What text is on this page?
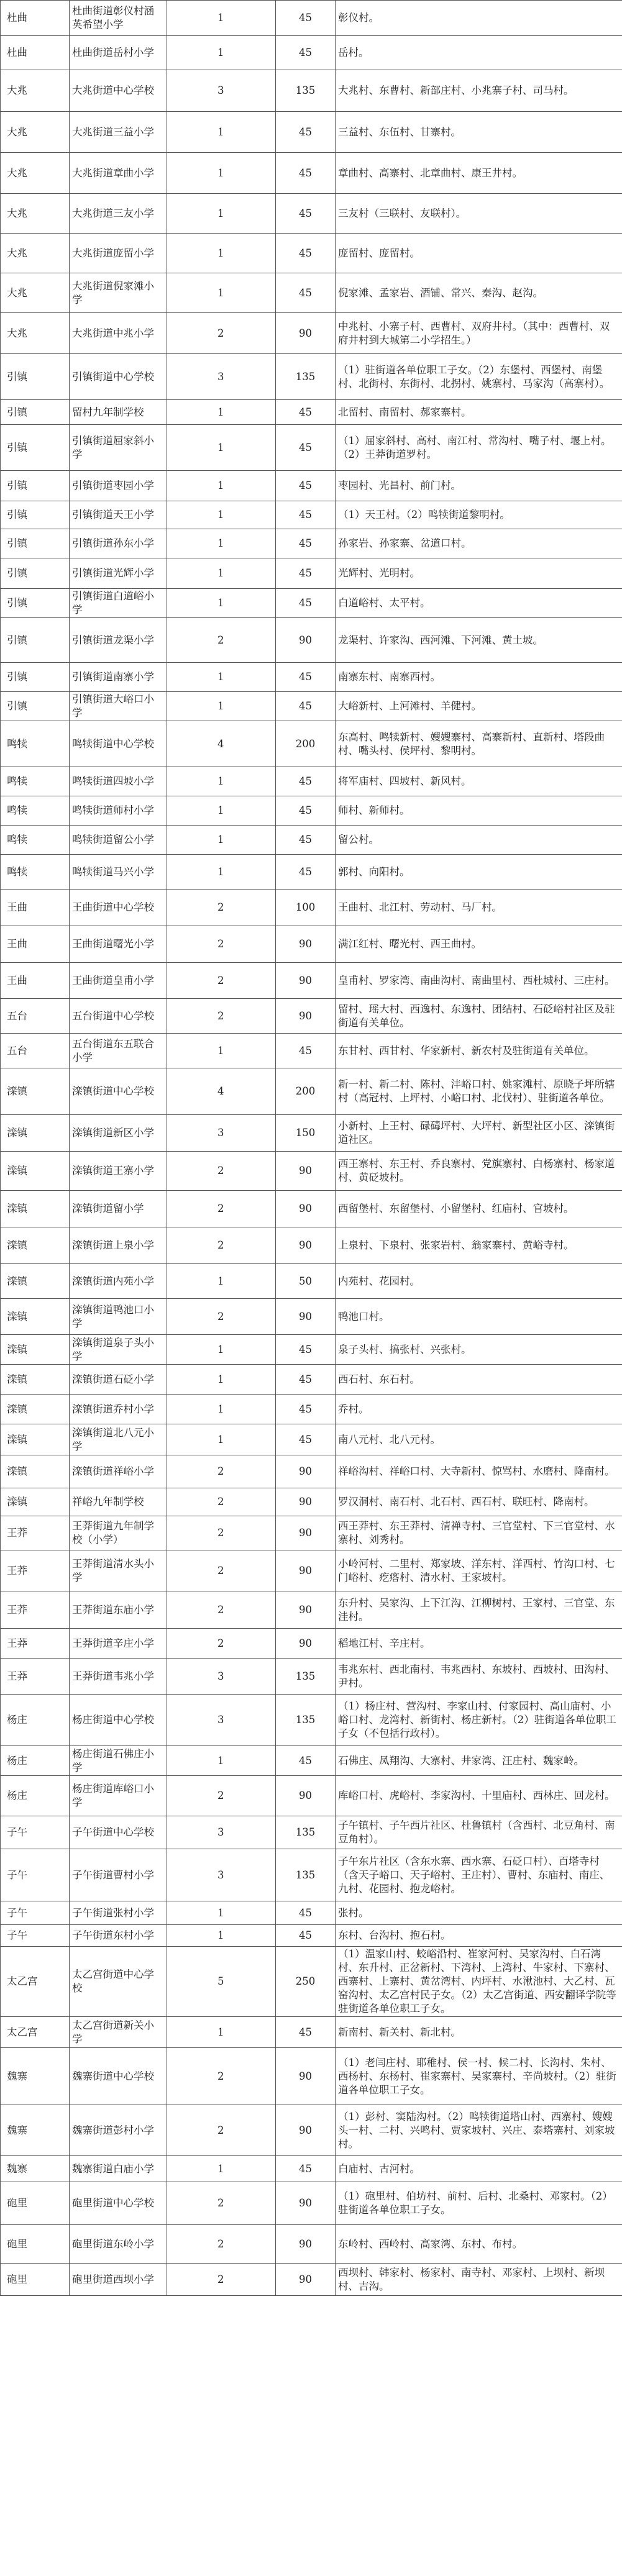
杜曲	杜曲街道彰仪村涵英希望小学	1		45	彰仪村。
杜曲	杜曲街道岳村小学	1		45	岳村。
大兆	大兆街道中心学校	3		135	大兆村、东曹村、新部庄村、小兆寨子村、司马村。
大兆	大兆街道三益小学	1		45	三益村、东伍村、甘寨村。
大兆	大兆街道章曲小学	1		45	章曲村、高寨村、北章曲村、康王井村。
大兆	大兆街道三友小学	1		45	三友村（三联村、友联村）。
大兆	大兆街道庞留小学	1		45	庞留村、庞留村。
大兆	大兆街道倪家滩小学	1		45	倪家滩、孟家岩、酒铺、常兴、秦沟、赵沟。
大兆	大兆街道中兆小学	2		90	中兆村、小寨子村、西曹村、双府井村。（其中：西曹村、双府井村到大城第二小学招生。）
引镇	引镇街道中心学校	3		135	（1）驻街道各单位职工子女。（2）东堡村、西堡村、南堡村、北街村、东街村、北拐村、姚寨村、马家沟（高寨村）。
引镇	留村九年制学校	1		45	北留村、南留村、郝家寨村。
引镇	引镇街道屈家斜小学	1		45	（1）屈家斜村、高村、南江村、常沟村、嘴子村、堰上村。（2）王莽街道罗村。
引镇	引镇街道枣园小学	1		45	枣园村、光昌村、前门村。
引镇	引镇街道天王小学	1		45	（1）天王村。（2）鸣犊街道黎明村。
引镇	引镇街道孙东小学	1		45	孙家岩、孙家寨、岔道口村。
引镇	引镇街道光辉小学	1		45	光辉村、光明村。
引镇	引镇街道白道峪小学	1		45	白道峪村、太平村。
引镇	引镇街道龙渠小学	2		90	龙渠村、许家沟、西河滩、下河滩、黄土坡。
引镇	引镇街道南寨小学	1		45	南寨东村、南寨西村。
引镇	引镇街道大峪口小学	1		45	大峪新村、上河滩村、羊健村。
鸣犊	鸣犊街道中心学校	4		200	东高村、鸣犊新村、嫂嫂寨村、高寨新村、直新村、塔段曲村、嘴头村、侯坪村、黎明村。
鸣犊	鸣犊街道四坡小学	1		45	将军庙村、四坡村、新风村。
鸣犊	鸣犊街道师村小学	1		45	师村、新师村。
鸣犊	鸣犊街道留公小学	1		45	留公村。
鸣犊	鸣犊街道马兴小学	1		45	郭村、向阳村。
王曲	王曲街道中心学校	2		100	王曲村、北江村、劳动村、马厂村。
王曲	王曲街道曙光小学	2		90	满江红村、曙光村、西王曲村。
王曲	王曲街道皇甫小学	2		90	皇甫村、罗家湾、南曲沟村、南曲里村、西杜城村、三庄村。
五台	五台街道中心学校	2		90	留村、瑶大村、西逸村、东逸村、团结村、石砭峪村社区及驻街道有关单位。
五台	五台街道东五联合小学	1		45	东甘村、西甘村、华家新村、新农村及驻街道有关单位。
滦镇	滦镇街道中心学校	4		200	新一村、新二村、陈村、沣峪口村、姚家滩村、原晓子坪所辖村（高冠村、上坪村、小峪口村、北伐村）、驻街道各单位。
滦镇	滦镇街道新区小学	3		150	小新村、上王村、碌碡坪村、大坪村、新型社区小区、滦镇街道社区。
滦镇	滦镇街道王寨小学	2		90	西王寨村、东王村、乔良寨村、党旗寨村、白杨寨村、杨家道村、黄砭坡村。
滦镇	滦镇街道留小学	2		90	西留堡村、东留堡村、小留堡村、红庙村、官坡村。
滦镇	滦镇街道上泉小学	2		90	上泉村、下泉村、张家岩村、翁家寨村、黄峪寺村。
滦镇	滦镇街道内苑小学	1		50	内苑村、花园村。
滦镇	滦镇街道鸭池口小学	2		90	鸭池口村。
滦镇	滦镇街道泉子头小学	1		45	泉子头村、搞张村、兴张村。
滦镇	滦镇街道石砭小学	1		45	西石村、东石村。
滦镇	滦镇街道乔村小学	1		45	乔村。
滦镇	滦镇街道北八元小学	1		45	南八元村、北八元村。
滦镇	滦镇街道祥峪小学	2		90	祥峪沟村、祥峪口村、大寺新村、惊骂村、水磨村、降南村。
滦镇	祥峪九年制学校	2		90	罗汉洞村、南石村、北石村、西石村、联旺村、降南村。
王莽	王莽街道九年制学校（小学）	2		90	西王莽村、东王莽村、清禅寺村、三官堂村、下三官堂村、水寨村、刘秀村。
王莽	王莽街道清水头小学	2		90	小岭河村、二里村、郑家坡、洋东村、洋西村、竹沟口村、七门峪村、疙瘩村、清水村、王家坡村。
王莽	王莽街道东庙小学	2		90	东升村、吴家沟、上下江沟、江柳树村、王家村、三官堂、东洼村。
王莽	王莽街道辛庄小学	2		90	稻地江村、辛庄村。
王莽	王莽街道韦兆小学	3		135	韦兆东村、西北南村、韦兆西村、东坡村、西坡村、田沟村、尹村。
杨庄	杨庄街道中心学校	3		135	（1）杨庄村、营沟村、李家山村、付家园村、高山庙村、小峪口村、龙湾村、新街村、杨庄新村。（2）驻街道各单位职工子女（不包括行政村）。
杨庄	杨庄街道石佛庄小学	1		45	石佛庄、凤翔沟、大寨村、井家湾、汪庄村、魏家岭。
杨庄	杨庄街道库峪口小学	2		90	库峪口村、虎峪村、李家沟村、十里庙村、西林庄、回龙村。
子午	子午街道中心学校	3		135	子午镇村、子午西片社区、杜鲁镇村（含西村、北豆角村、南豆角村）。
子午	子午街道曹村小学	3		135	子午东片社区（含东水寨、西水寨、石砭口村）、百塔寺村（含天子峪口、天子峪村、王庄村）、曹村、东庙村、南庄、九村、花园村、抱龙峪村。
子午	子午街道张村小学	1		45	张村。
子午	子午街道东村小学	1		45	东村、台沟村、抱石村。
太乙宫	太乙宫街道中心学校	5		250	（1）温家山村、蛟峪沿村、崔家河村、吴家沟村、白石湾村、东升村、正岔新村、下湾村、上湾村、牛家村、下寨村、西寨村、上寨村、黄岔湾村、内坪村、水湫池村、大乙村、瓦窑沟村、太乙宫村民子女。（2）太乙宫街道、西安翻译学院等驻街道各单位职工子女。
太乙宫	太乙宫街道新关小学	1		45	新南村、新关村、新北村。
魏寨	魏寨街道中心学校	2		90	（1）老闫庄村、耶稚村、侯一村、候二村、长沟村、朱村、西杨村、东杨村、崔家寨村、吴家寨村、辛尚坡村。（2）驻街道各单位职工子女。
魏寨	魏寨街道彭村小学	2		90	（1）彭村、窦陆沟村。（2）鸣犊街道塔山村、西寨村、嫂嫂头一村、二村、兴鸣村、贾家坡村、兴庄、泰塔寨村、刘家坡村。
魏寨	魏寨街道白庙小学	1		45	白庙村、古河村。
砲里	砲里街道中心学校	2		90	（1）砲里村、伯坊村、前村、后村、北桑村、邓家村。（2）驻街道各单位职工子女。
砲里	砲里街道东岭小学	2		90	东岭村、西岭村、高家湾、东村、布村。
砲里	砲里街道西坝小学	2		90	西坝村、韩家村、杨家村、南寺村、邓家村、上坝村、新坝村、吉沟。
